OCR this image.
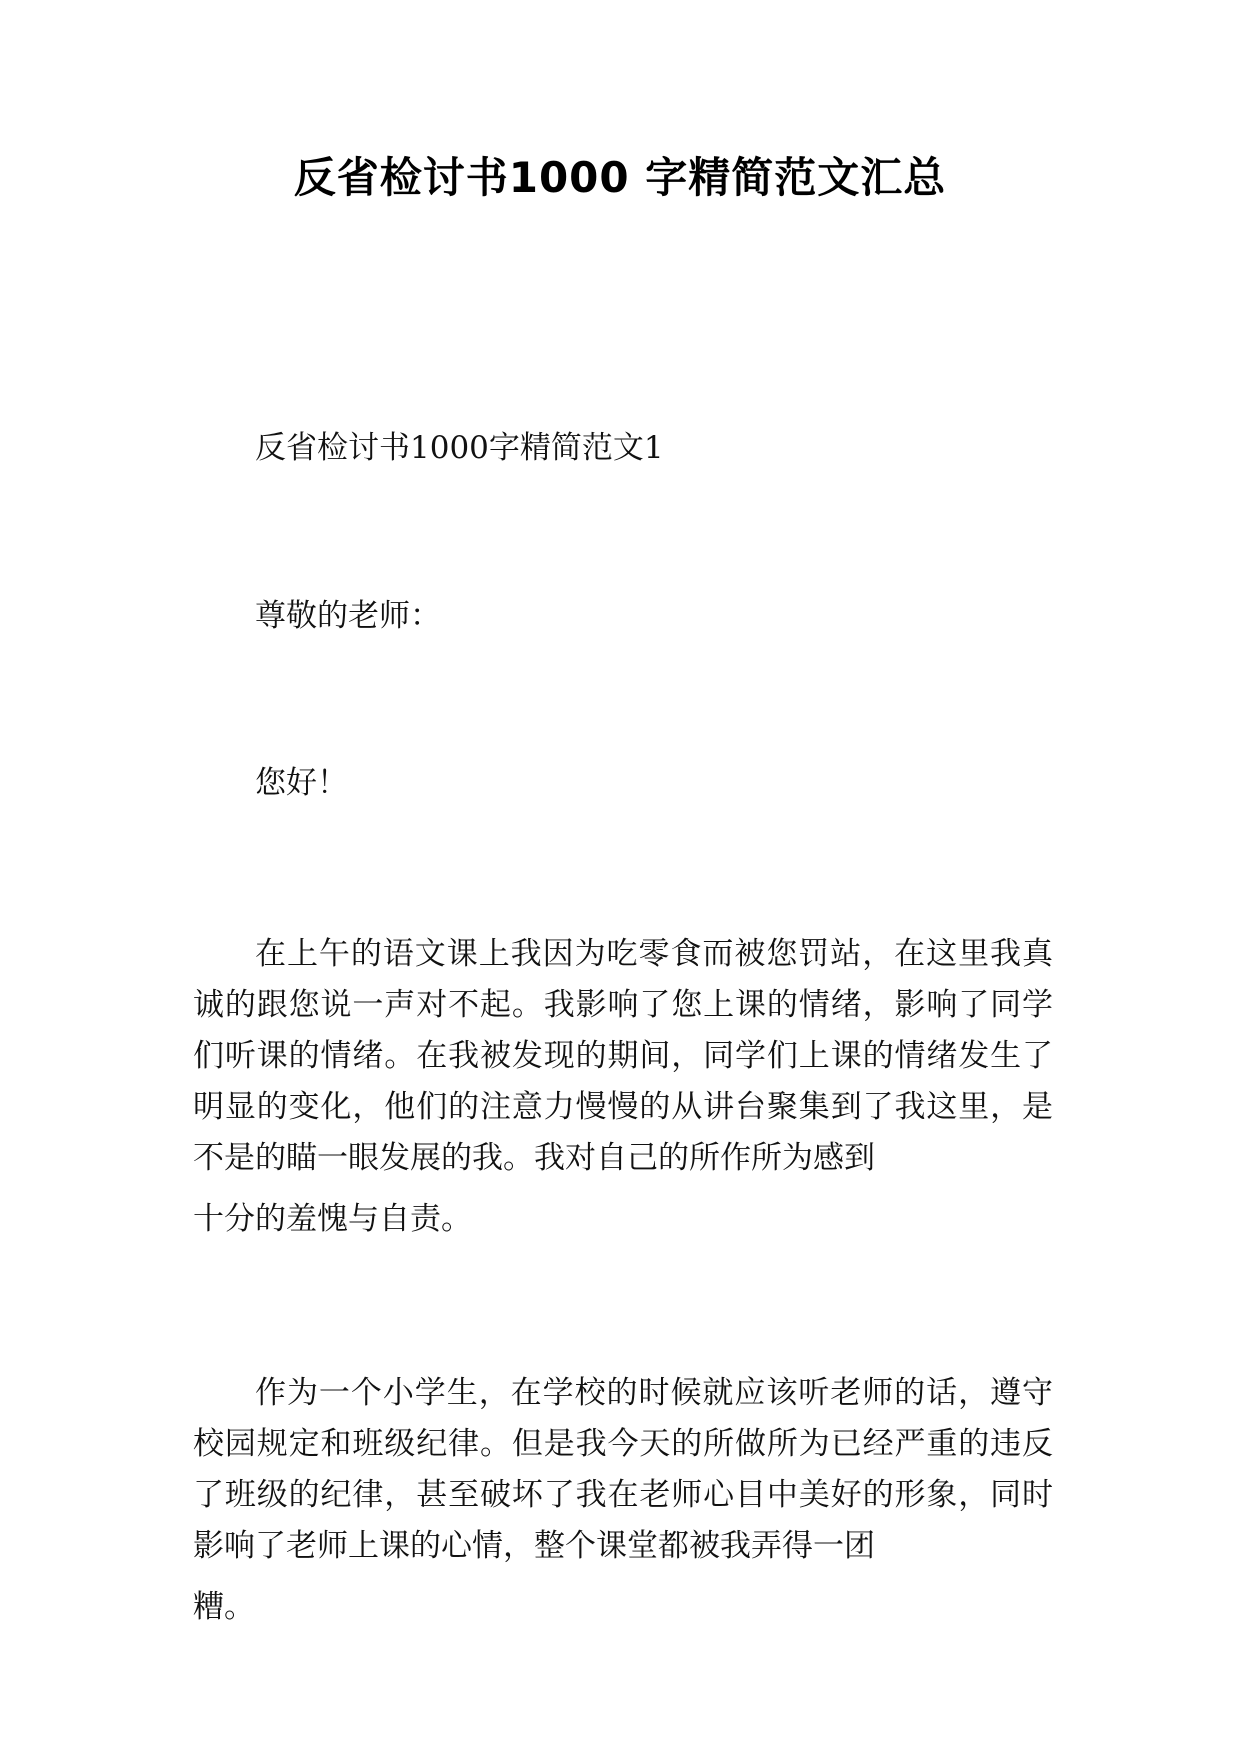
反省检讨书1000 字精简范文汇总
反省检讨书1000字精简范文1
尊敬的老师：
您好！

在上午的语文课上我因为吃零食而被您罚站，在这里我真诚的跟您说一声对不起。我影响了您上课的情绪，影响了同学们听课的情绪。在我被发现的期间，同学们上课的情绪发生了明显的变化，他们的注意力慢慢的从讲台聚集到了我这里，是不是的瞄一眼发展的我。我对自己的所作所为感到
十分的羞愧与自责。

作为一个小学生，在学校的时候就应该听老师的话，遵守校园规定和班级纪律。但是我今天的所做所为已经严重的违反了班级的纪律，甚至破坏了我在老师心目中美好的形象，同时影响了老师上课的心情，整个课堂都被我弄得一团
糟。
